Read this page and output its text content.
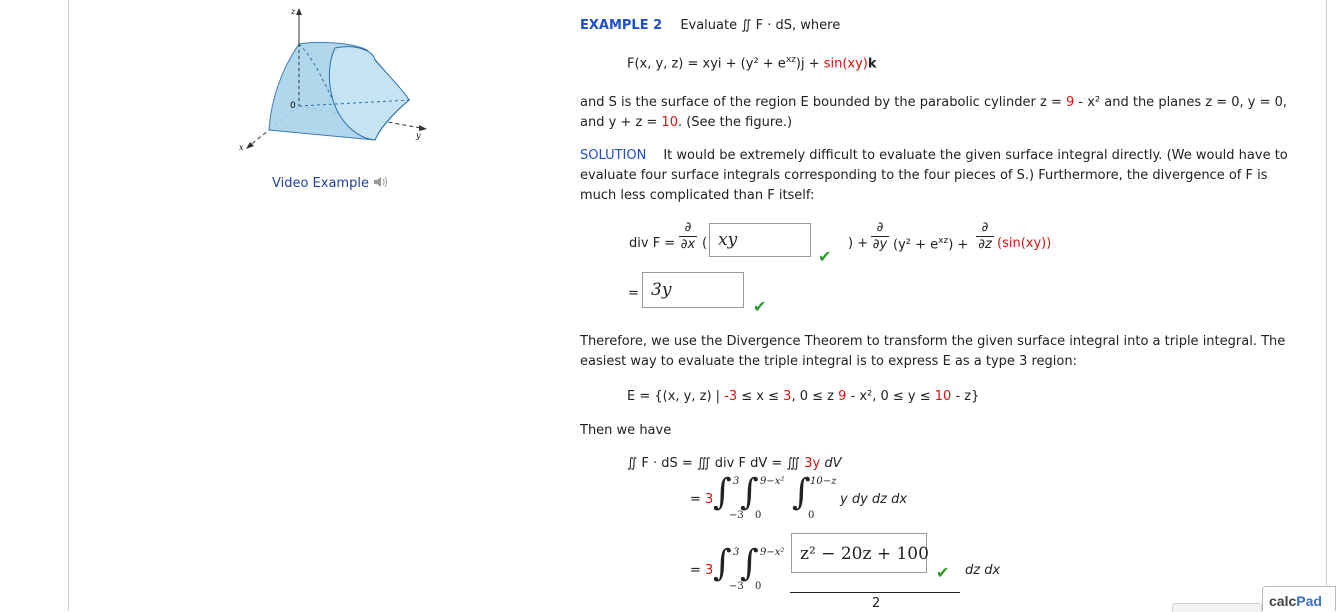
z
x
y
0
Video Example
EXAMPLE 2 Evaluate ∬ F · dS, where
F(x, y, z) = xyi + $(y^2 + e^{xz})j + \sin(xy)k$
and S is the surface of the region E bounded by the parabolic cylinder z = 9 - x² and the planes z = 0, y = 0,
and y + z = 10. (See the figure.)
SOLUTION It would be extremely difficult to evaluate the given surface integral directly. (We would have to
evaluate four surface integrals corresponding to the four pieces of S.) Furthermore, the divergence of F is
much less complicated than F itself:
div F =
∂
∂x ( xy
✔
) +
∂
∂y $(y^2 + e^{xz})$ +
∂
∂z (sin(xy))
= 3y
✔
Therefore, we use the Divergence Theorem to transform the given surface integral into a triple integral. The
easiest way to evaluate the triple integral is to express E as a type 3 region:
E = {(x, y, z) | -3 ≤ x ≤ 3, 0 ≤ z 9 - x², 0 ≤ y ≤ 10 - z}
Then we have
∬ F · dS = ∭ div F dV = ∭ 3y dV
= 3 ∫ 3
−3
∫ 9−x²
0
∫ 10−z
0
y dy dz dx
= 3 ∫ 3
−3
∫ 9−x²
0
z² − 20z + 100
✔ dz dx
2	calcPad
